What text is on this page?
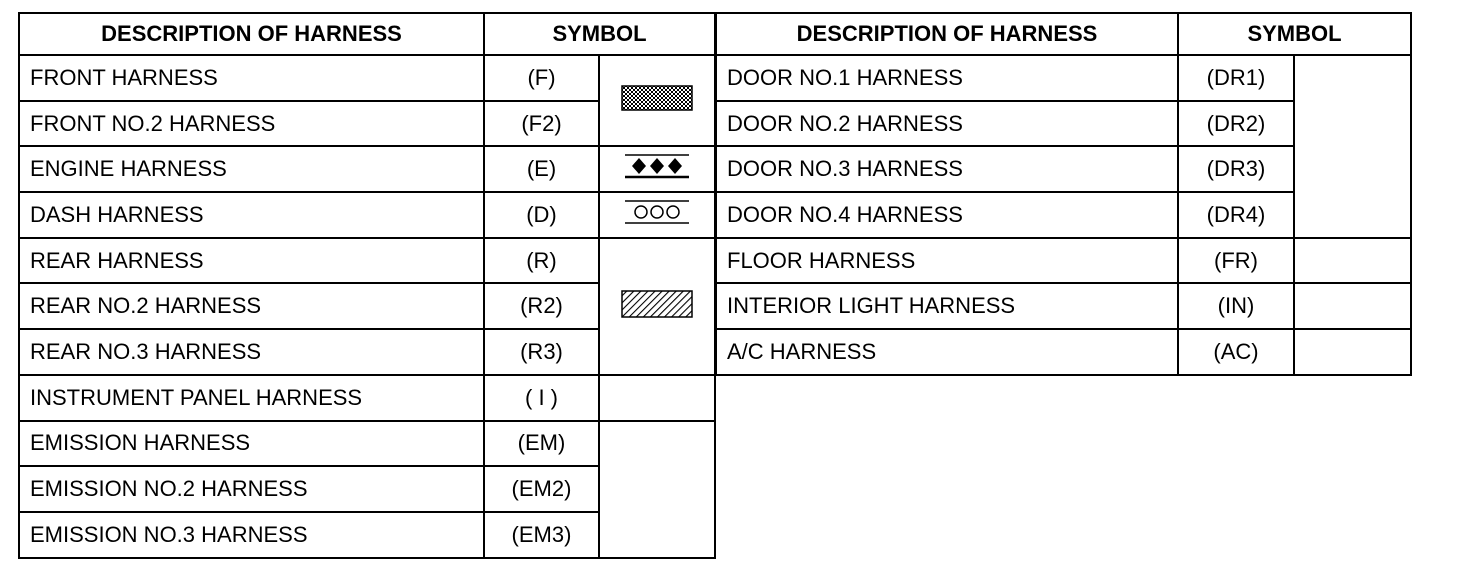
DESCRIPTION OF HARNESS	SYMBOL	
FRONT HARNESS	(F)	
FRONT NO.2 HARNESS	(F2)	
ENGINE HARNESS	(E)	
DASH HARNESS	(D)	
REAR HARNESS	(R)	
REAR NO.2 HARNESS	(R2)	
REAR NO.3 HARNESS	(R3)	
INSTRUMENT PANEL HARNESS	( I )	
EMISSION HARNESS	(EM)	
EMISSION NO.2 HARNESS	(EM2)	
EMISSION NO.3 HARNESS	(EM3)	
DESCRIPTION OF HARNESS	SYMBOL	
DOOR NO.1 HARNESS	(DR1)	
DOOR NO.2 HARNESS	(DR2)	
DOOR NO.3 HARNESS	(DR3)	
DOOR NO.4 HARNESS	(DR4)	
FLOOR HARNESS	(FR)	
INTERIOR LIGHT HARNESS	(IN)	
A/C HARNESS	(AC)	
